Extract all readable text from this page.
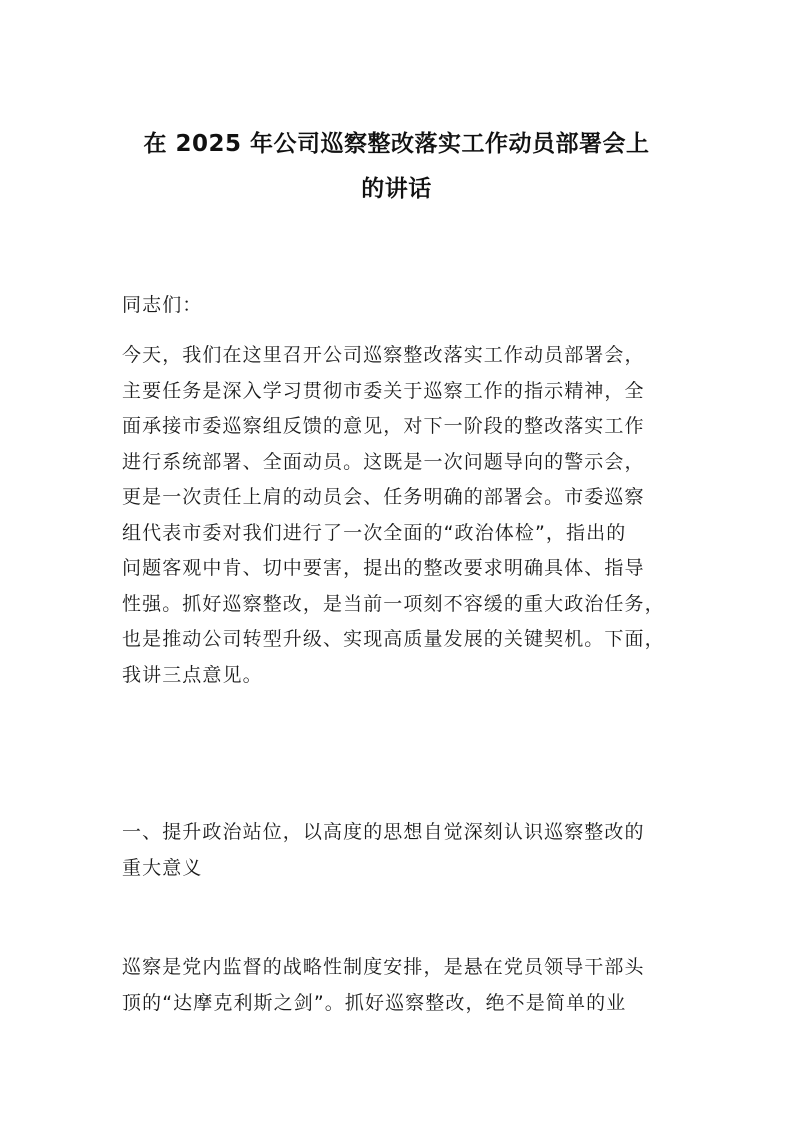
在 2025 年公司巡察整改落实工作动员部署会上
的讲话

同志们：

今天，我们在这里召开公司巡察整改落实工作动员部署会，
主要任务是深入学习贯彻市委关于巡察工作的指示精神，全
面承接市委巡察组反馈的意见，对下一阶段的整改落实工作
进行系统部署、全面动员。这既是一次问题导向的警示会，
更是一次责任上肩的动员会、任务明确的部署会。市委巡察
组代表市委对我们进行了一次全面的“政治体检”，指出的
问题客观中肯、切中要害，提出的整改要求明确具体、指导
性强。抓好巡察整改，是当前一项刻不容缓的重大政治任务，
也是推动公司转型升级、实现高质量发展的关键契机。下面，
我讲三点意见。

一、提升政治站位，以高度的思想自觉深刻认识巡察整改的
重大意义

巡察是党内监督的战略性制度安排，是悬在党员领导干部头
顶的“达摩克利斯之剑”。抓好巡察整改，绝不是简单的业
